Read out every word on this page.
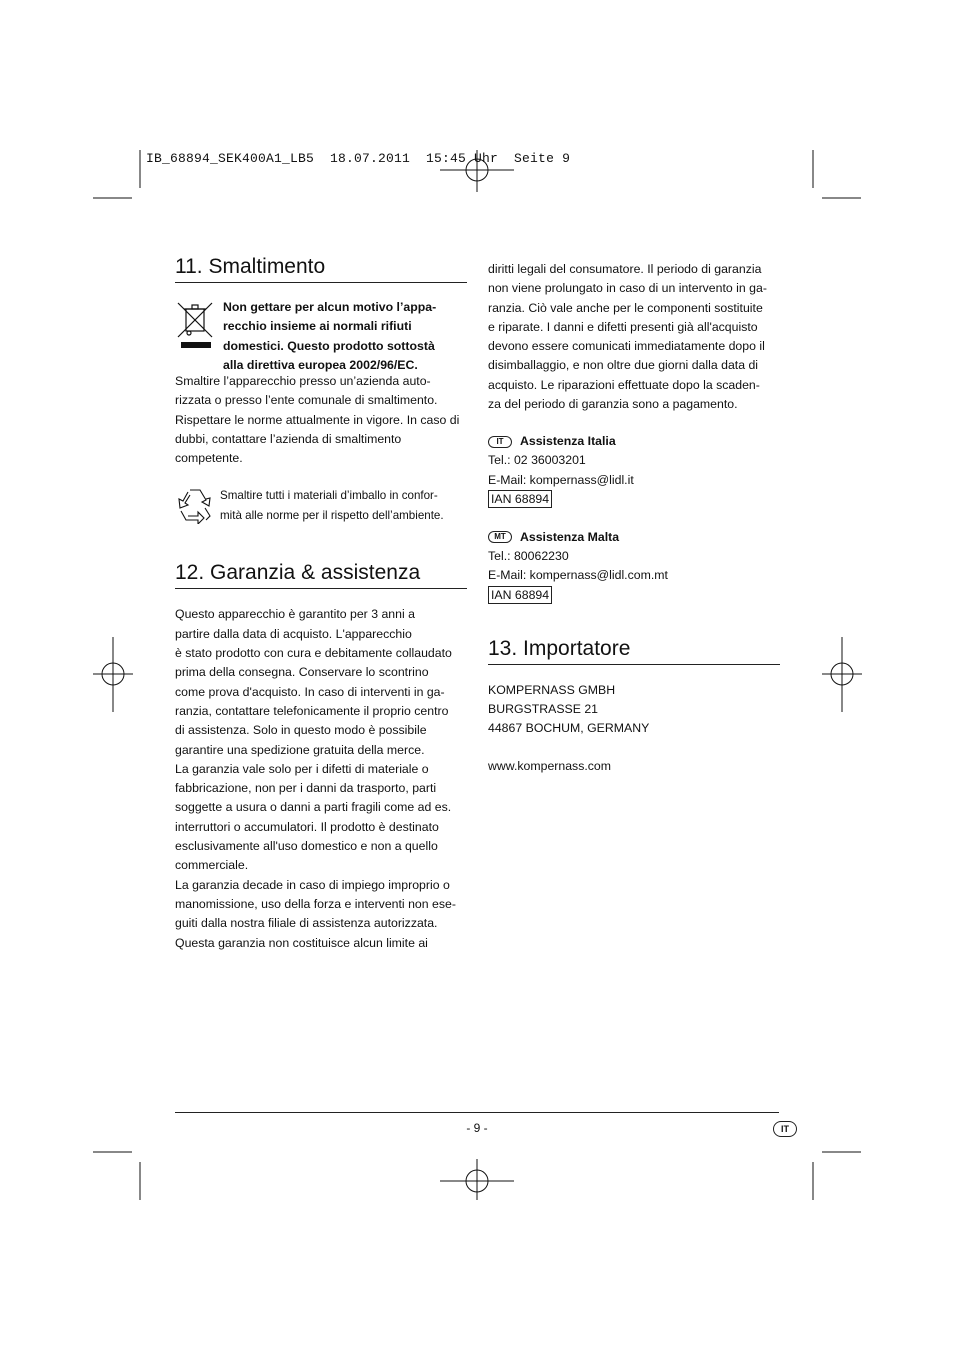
IB_68894_SEK400A1_LB5  18.07.2011  15:45 Uhr  Seite 9
11. Smaltimento

Non gettare per alcun motivo l’appa-
recchio insieme ai normali rifiuti
domestici. Questo prodotto sottostà
alla direttiva europea 2002/96/EC.

Smaltire l’apparecchio presso un’azienda auto-
rizzata o presso l’ente comunale di smaltimento.
Rispettare le norme attualmente in vigore. In caso di
dubbi, contattare l’azienda di smaltimento
competente.

Smaltire tutti i materiali d’imballo in confor-
mità alle norme per il rispetto dell’ambiente.

12. Garanzia & assistenza

Questo apparecchio è garantito per 3 anni a
partire dalla data di acquisto. L'apparecchio
è stato prodotto con cura e debitamente collaudato
prima della consegna. Conservare lo scontrino
come prova d'acquisto. In caso di interventi in ga-
ranzia, contattare telefonicamente il proprio centro
di assistenza. Solo in questo modo è possibile
garantire una spedizione gratuita della merce.
La garanzia vale solo per i difetti di materiale o
fabbricazione, non per i danni da trasporto, parti
soggette a usura o danni a parti fragili come ad es.
interruttori o accumulatori. Il prodotto è destinato
esclusivamente all'uso domestico e non a quello
commerciale.
La garanzia decade in caso di impiego improprio o
manomissione, uso della forza e interventi non ese-
guiti dalla nostra filiale di assistenza autorizzata.
Questa garanzia non costituisce alcun limite ai

diritti legali del consumatore. Il periodo di garanzia
non viene prolungato in caso di un intervento in ga-
ranzia. Ciò vale anche per le componenti sostituite
e riparate. I danni e difetti presenti già all'acquisto
devono essere comunicati immediatamente dopo il
disimballaggio, e non oltre due giorni dalla data di
acquisto. Le riparazioni effettuate dopo la scaden-
za del periodo di garanzia sono a pagamento.

IT	Assistenza Italia

Tel.: 02 36003201

E-Mail: kompernass@lidl.it

IAN 68894
MT	Assistenza Malta

Tel.: 80062230

E-Mail: kompernass@lidl.com.mt

IAN 68894
13. Importatore

KOMPERNASS GMBH
BURGSTRASSE 21
44867 BOCHUM, GERMANY

www.kompernass.com

- 9 -	IT
